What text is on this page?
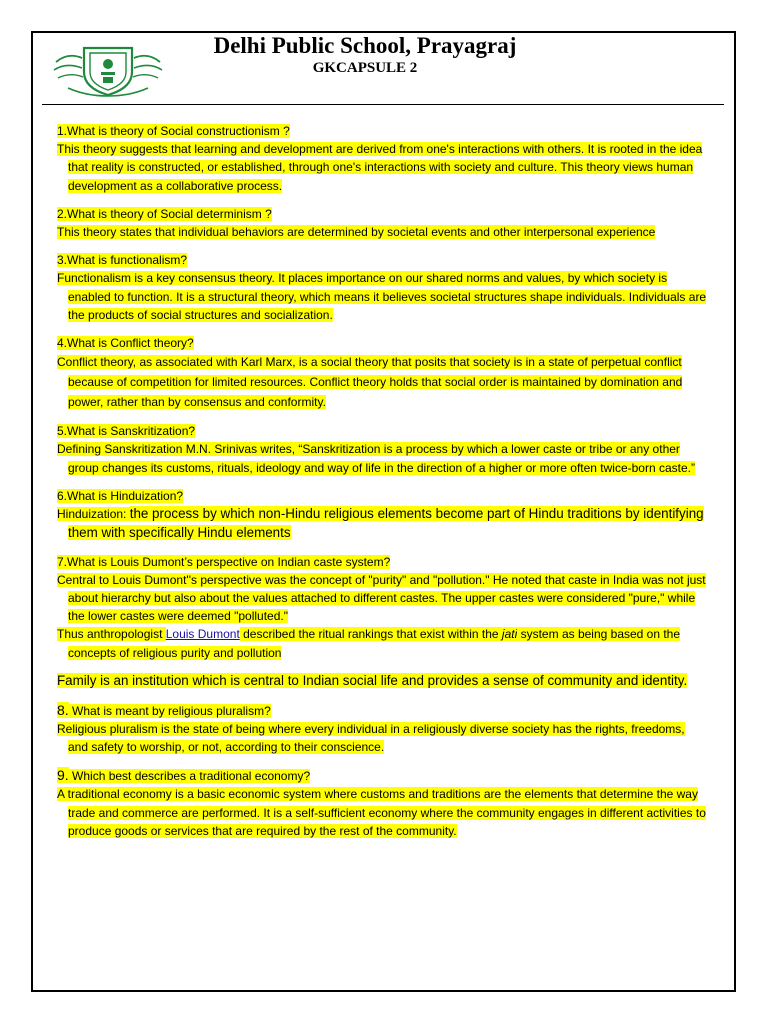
Delhi Public School, Prayagraj
GKCAPSULE 2

1.What is theory of Social constructionism ?

This theory suggests that learning and development are derived from one's interactions with others. It is rooted in the idea that reality is constructed, or established, through one's interactions with society and culture. This theory views human development as a collaborative process.

2.What is theory of Social determinism ?

This theory states that individual behaviors are determined by societal events and other interpersonal experience

3.What is functionalism?

Functionalism is a key consensus theory. It places importance on our shared norms and values, by which society is enabled to function. It is a structural theory, which means it believes societal structures shape individuals. Individuals are the products of social structures and socialization.

4.What is Conflict theory?

Conflict theory, as associated with Karl Marx, is a social theory that posits that society is in a state of perpetual conflict because of competition for limited resources. Conflict theory holds that social order is maintained by domination and power, rather than by consensus and conformity.

5.What is Sanskritization?

Defining Sanskritization M.N. Srinivas writes, “Sanskritization is a process by which a lower caste or tribe or any other group changes its customs, rituals, ideology and way of life in the direction of a higher or more often twice-born caste.”

6.What is Hinduization?

Hinduization: the process by which non-Hindu religious elements become part of Hindu traditions by identifying them with specifically Hindu elements

7.What is Louis Dumont’s perspective on Indian caste system?

Central to Louis Dumont''s perspective was the concept of "purity" and "pollution." He noted that caste in India was not just about hierarchy but also about the values attached to different castes. The upper castes were considered "pure," while the lower castes were deemed "polluted."

Thus anthropologist Louis Dumont described the ritual rankings that exist within the jati system as being based on the concepts of religious purity and pollution

Family is an institution which is central to Indian social life and provides a sense of community and identity.

8. What is meant by religious pluralism?

Religious pluralism is the state of being where every individual in a religiously diverse society has the rights, freedoms, and safety to worship, or not, according to their conscience.

9. Which best describes a traditional economy?

A traditional economy is a basic economic system where customs and traditions are the elements that determine the way trade and commerce are performed. It is a self-sufficient economy where the community engages in different activities to produce goods or services that are required by the rest of the community.
